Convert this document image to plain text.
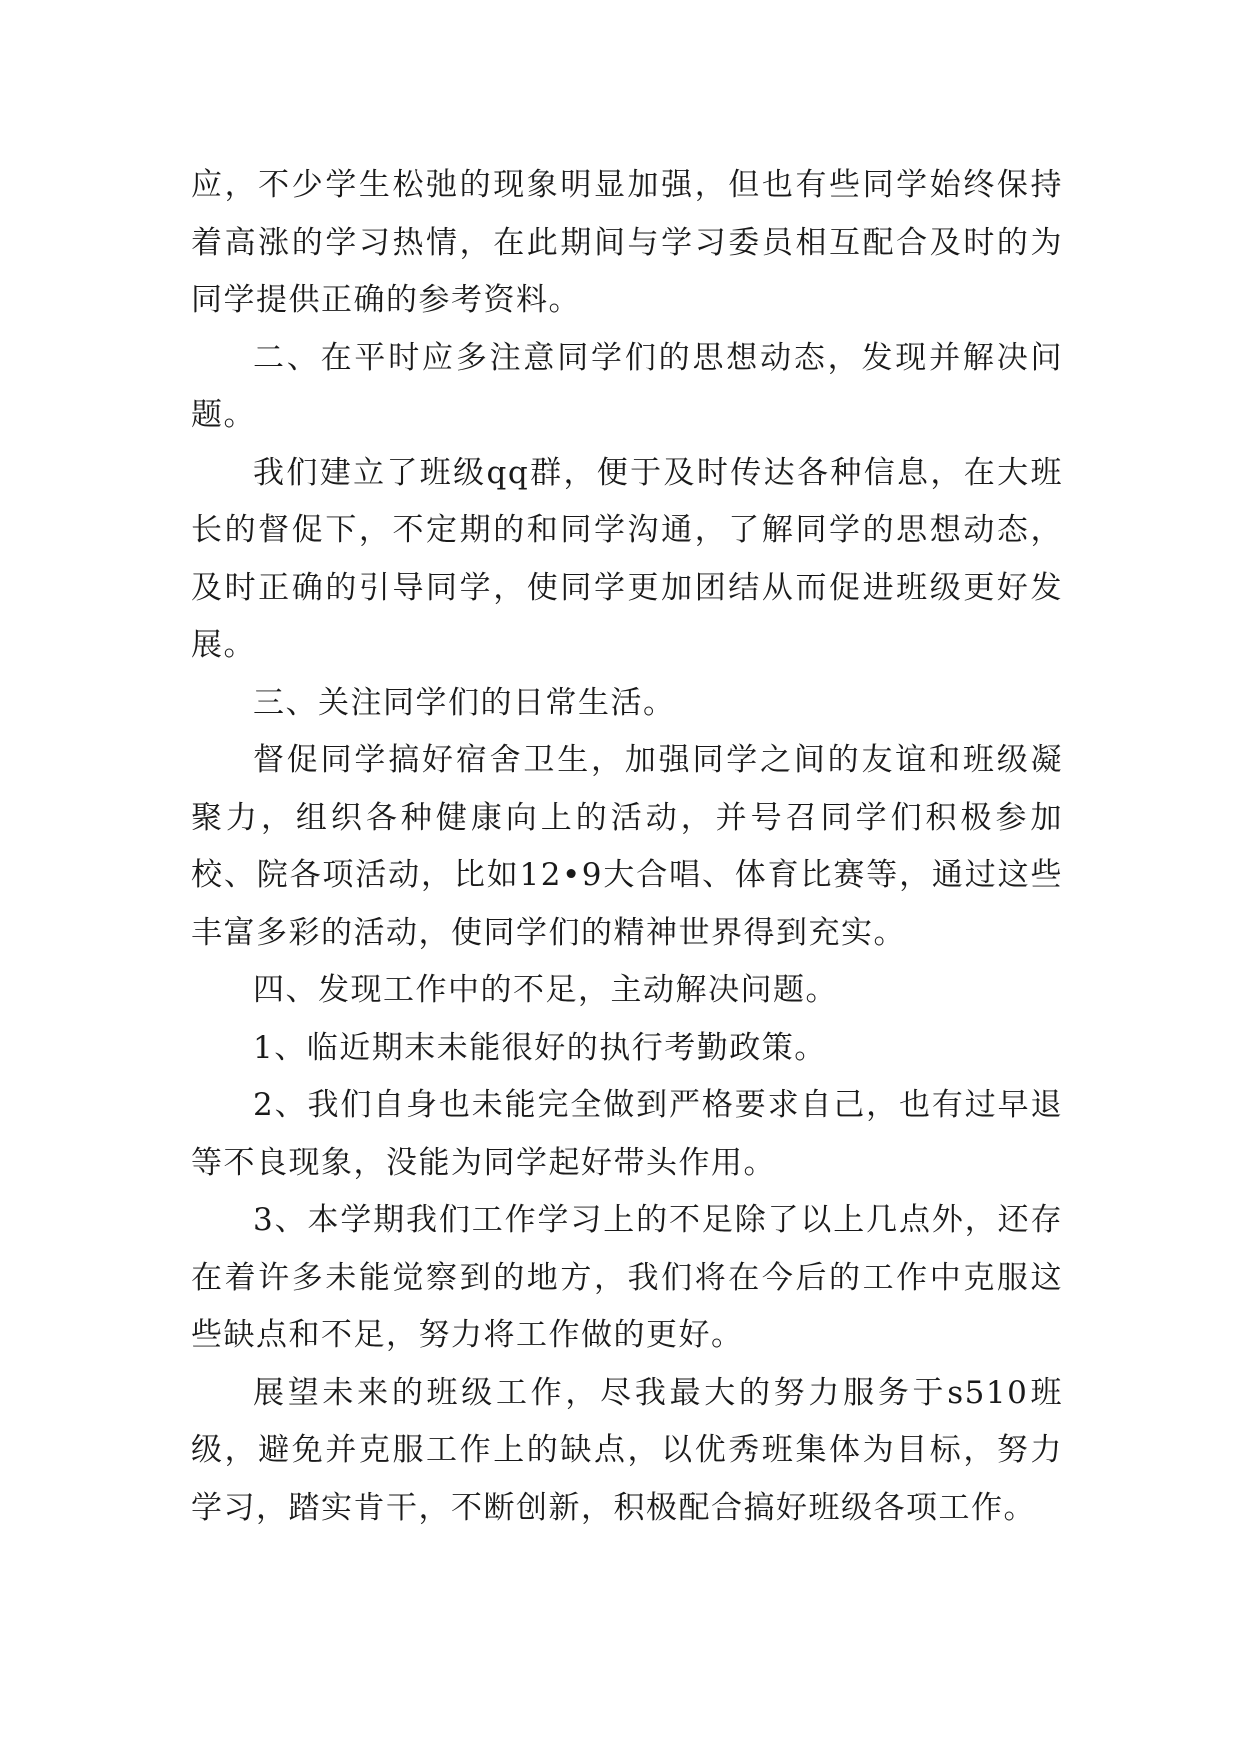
应，不少学生松弛的现象明显加强，但也有些同学始终保持着高涨的学习热情，在此期间与学习委员相互配合及时的为同学提供正确的参考资料。

二、在平时应多注意同学们的思想动态，发现并解决问题。

我们建立了班级qq群，便于及时传达各种信息，在大班长的督促下，不定期的和同学沟通，了解同学的思想动态，及时正确的引导同学，使同学更加团结从而促进班级更好发展。

三、关注同学们的日常生活。

督促同学搞好宿舍卫生，加强同学之间的友谊和班级凝聚力，组织各种健康向上的活动，并号召同学们积极参加校、院各项活动，比如12•9大合唱、体育比赛等，通过这些丰富多彩的活动，使同学们的精神世界得到充实。

四、发现工作中的不足，主动解决问题。

1、临近期末未能很好的执行考勤政策。

2、我们自身也未能完全做到严格要求自己，也有过早退等不良现象，没能为同学起好带头作用。

3、本学期我们工作学习上的不足除了以上几点外，还存在着许多未能觉察到的地方，我们将在今后的工作中克服这些缺点和不足，努力将工作做的更好。

展望未来的班级工作，尽我最大的努力服务于s510班级，避免并克服工作上的缺点，以优秀班集体为目标，努力学习，踏实肯干，不断创新，积极配合搞好班级各项工作。
